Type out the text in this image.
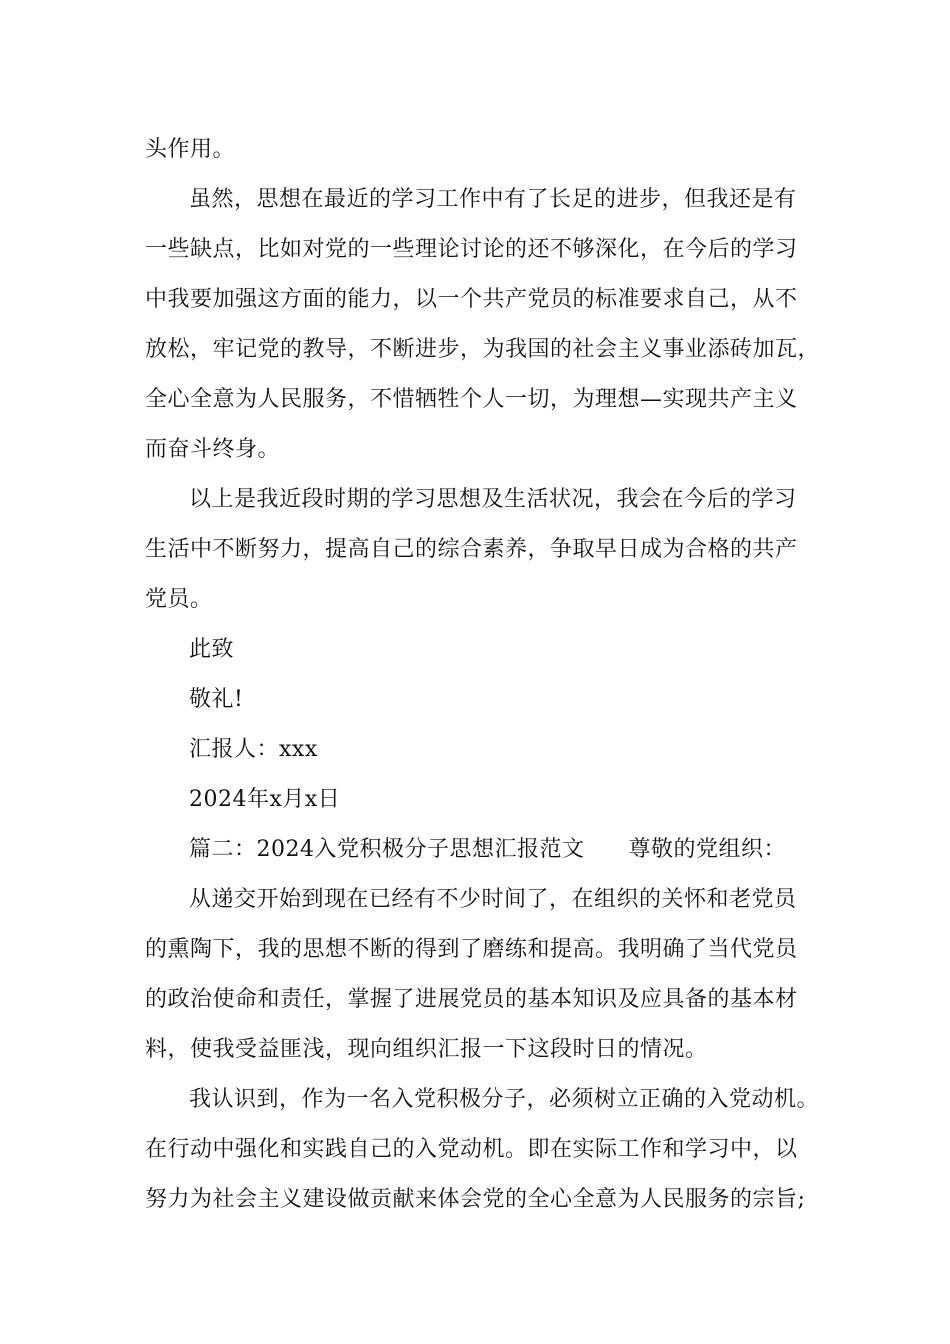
头作用。
虽然，思想在最近的学习工作中有了长足的进步，但我还是有
一些缺点，比如对党的一些理论讨论的还不够深化，在今后的学习
中我要加强这方面的能力，以一个共产党员的标准要求自己，从不
放松，牢记党的教导，不断进步，为我国的社会主义事业添砖加瓦，
全心全意为人民服务，不惜牺牲个人一切，为理想—实现共产主义
而奋斗终身。
以上是我近段时期的学习思想及生活状况，我会在今后的学习
生活中不断努力，提高自己的综合素养，争取早日成为合格的共产
党员。
此致
敬礼!
汇报人：xxx
2024年x月x日
篇二：2024入党积极分子思想汇报范文 尊敬的党组织：
从递交开始到现在已经有不少时间了，在组织的关怀和老党员
的熏陶下，我的思想不断的得到了磨练和提高。我明确了当代党员
的政治使命和责任，掌握了进展党员的基本知识及应具备的基本材
料，使我受益匪浅，现向组织汇报一下这段时日的情况。
我认识到，作为一名入党积极分子，必须树立正确的入党动机。
在行动中强化和实践自己的入党动机。即在实际工作和学习中，以
努力为社会主义建设做贡献来体会党的全心全意为人民服务的宗旨;
